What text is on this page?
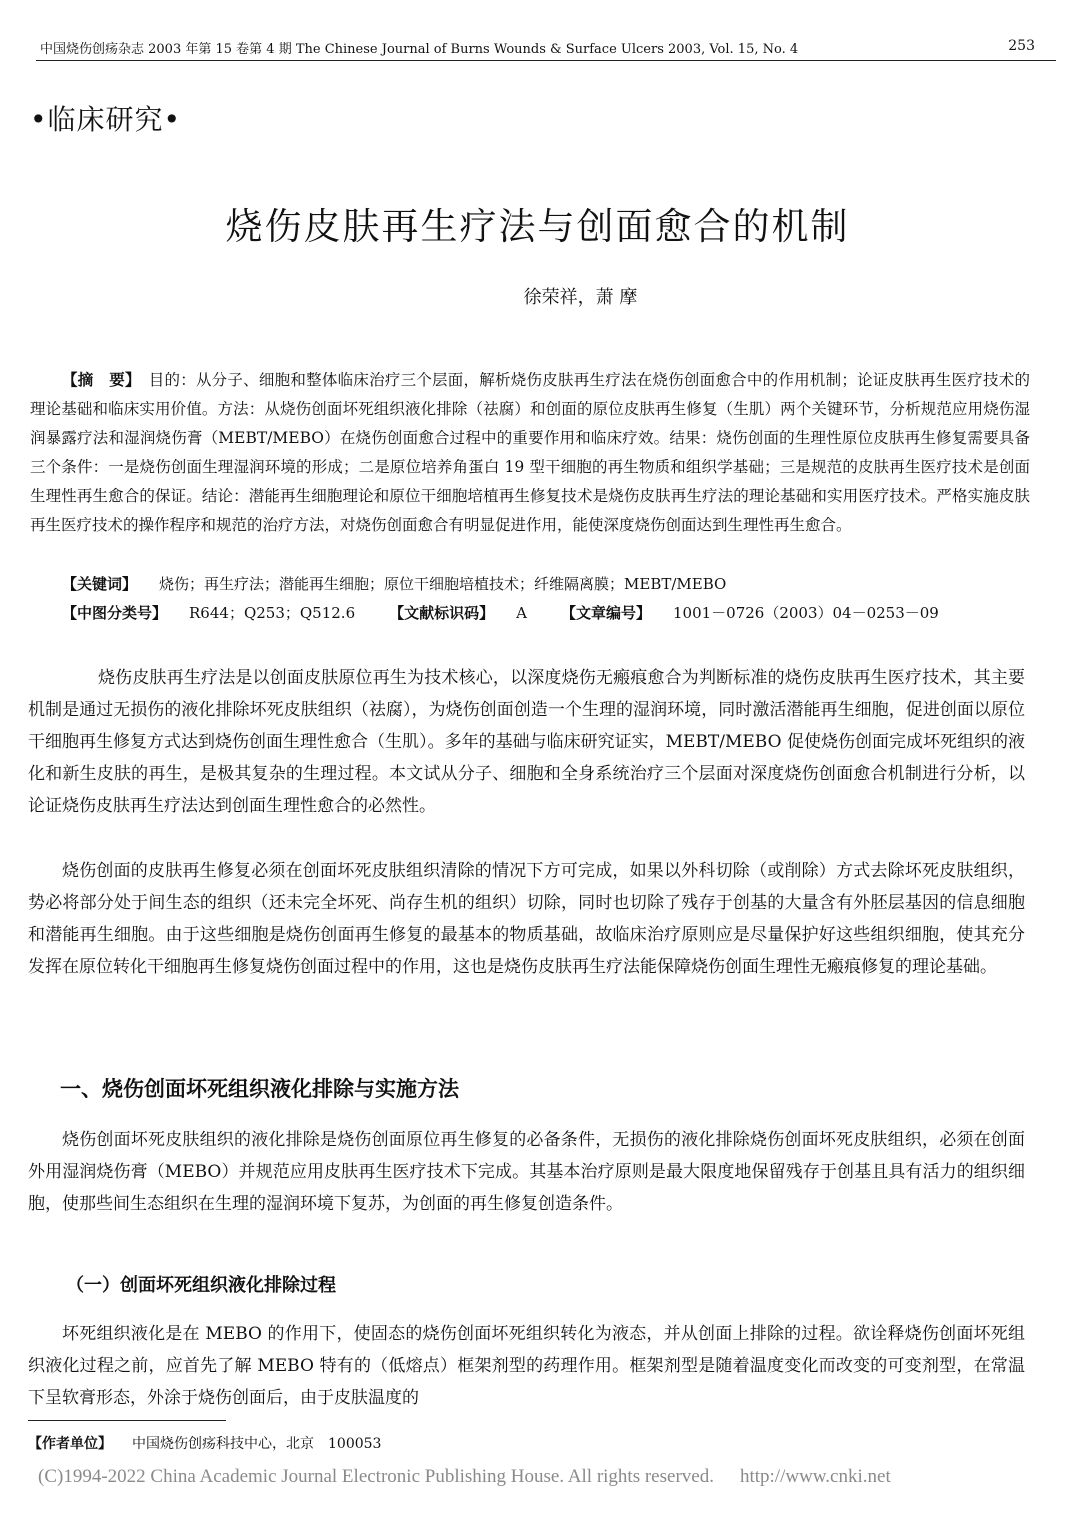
中国烧伤创疡杂志 2003 年第 15 卷第 4 期 The Chinese Journal of Burns Wounds & Surface Ulcers 2003, Vol. 15, No. 4	253
•临床研究•
烧伤皮肤再生疗法与创面愈合的机制
徐荣祥，萧 摩

【摘　要】　 目的：从分子、细胞和整体临床治疗三个层面，解析烧伤皮肤再生疗法在烧伤创面愈合中的作用机制；论证皮肤再生医疗技术的理论基础和临床实用价值。方法：从烧伤创面坏死组织液化排除（祛腐）和创面的原位皮肤再生修复（生肌）两个关键环节，分析规范应用烧伤湿润暴露疗法和湿润烧伤膏（MEBT/MEBO）在烧伤创面愈合过程中的重要作用和临床疗效。结果：烧伤创面的生理性原位皮肤再生修复需要具备三个条件：一是烧伤创面生理湿润环境的形成；二是原位培养角蛋白 19 型干细胞的再生物质和组织学基础；三是规范的皮肤再生医疗技术是创面生理性再生愈合的保证。结论：潜能再生细胞理论和原位干细胞培植再生修复技术是烧伤皮肤再生疗法的理论基础和实用医疗技术。严格实施皮肤再生医疗技术的操作程序和规范的治疗方法，对烧伤创面愈合有明显促进作用，能使深度烧伤创面达到生理性再生愈合。

【关键词】 烧伤；再生疗法；潜能再生细胞；原位干细胞培植技术；纤维隔离膜；MEBT/MEBO
【中图分类号】 R644；Q253；Q512.6 【文献标识码】 A 【文章编号】 1001－0726（2003）04－0253－09

烧伤皮肤再生疗法是以创面皮肤原位再生为技术核心，以深度烧伤无瘢痕愈合为判断标准的烧伤皮肤再生医疗技术，其主要机制是通过无损伤的液化排除坏死皮肤组织（祛腐），为烧伤创面创造一个生理的湿润环境，同时激活潜能再生细胞，促进创面以原位干细胞再生修复方式达到烧伤创面生理性愈合（生肌）。多年的基础与临床研究证实，MEBT/MEBO 促使烧伤创面完成坏死组织的液化和新生皮肤的再生，是极其复杂的生理过程。本文试从分子、细胞和全身系统治疗三个层面对深度烧伤创面愈合机制进行分析，以论证烧伤皮肤再生疗法达到创面生理性愈合的必然性。

烧伤创面的皮肤再生修复必须在创面坏死皮肤组织清除的情况下方可完成，如果以外科切除（或削除）方式去除坏死皮肤组织，势必将部分处于间生态的组织（还未完全坏死、尚存生机的组织）切除，同时也切除了残存于创基的大量含有外胚层基因的信息细胞和潜能再生细胞。由于这些细胞是烧伤创面再生修复的最基本的物质基础，故临床治疗原则应是尽量保护好这些组织细胞，使其充分发挥在原位转化干细胞再生修复烧伤创面过程中的作用，这也是烧伤皮肤再生疗法能保障烧伤创面生理性无瘢痕修复的理论基础。

一、烧伤创面坏死组织液化排除与实施方法

烧伤创面坏死皮肤组织的液化排除是烧伤创面原位再生修复的必备条件，无损伤的液化排除烧伤创面坏死皮肤组织，必须在创面外用湿润烧伤膏（MEBO）并规范应用皮肤再生医疗技术下完成。其基本治疗原则是最大限度地保留残存于创基且具有活力的组织细胞，使那些间生态组织在生理的湿润环境下复苏，为创面的再生修复创造条件。

（一）创面坏死组织液化排除过程

坏死组织液化是在 MEBO 的作用下，使固态的烧伤创面坏死组织转化为液态，并从创面上排除的过程。欲诠释烧伤创面坏死组织液化过程之前，应首先了解 MEBO 特有的（低熔点）框架剂型的药理作用。框架剂型是随着温度变化而改变的可变剂型，在常温下呈软膏形态，外涂于烧伤创面后，由于皮肤温度的

【作者单位】 中国烧伤创疡科技中心，北京　100053
(C)1994-2022 China Academic Journal Electronic Publishing House. All rights reserved. http://www.cnki.net
